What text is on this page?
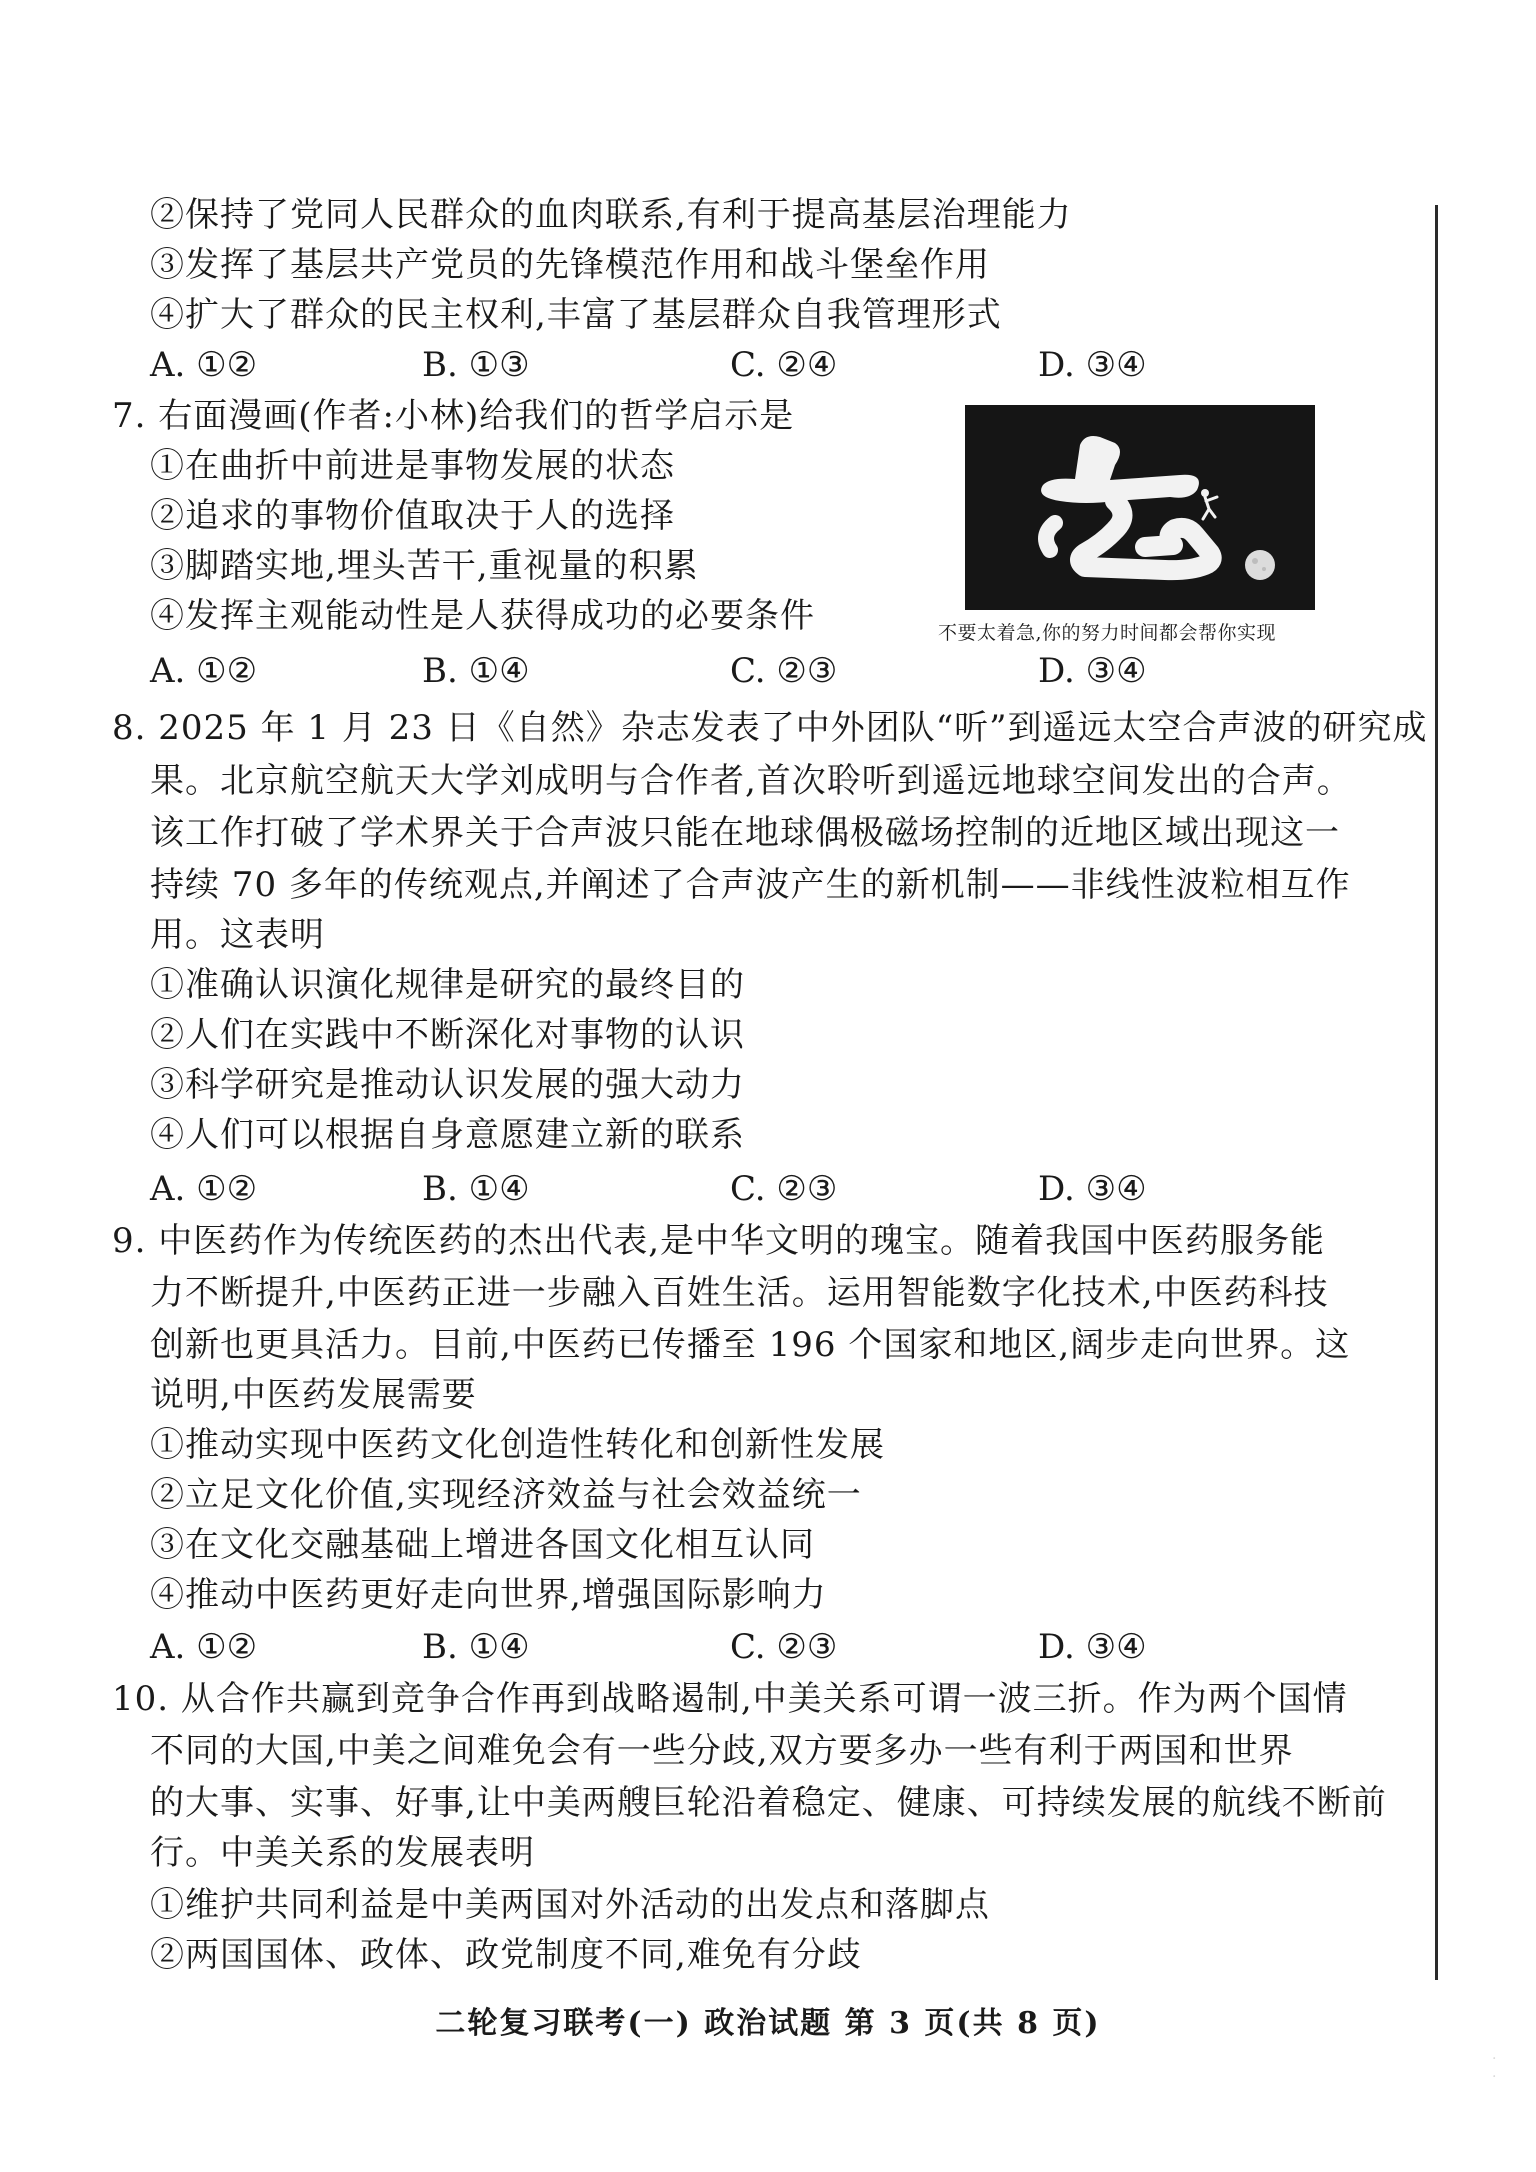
②保持了党同人民群众的血肉联系,有利于提高基层治理能力
③发挥了基层共产党员的先锋模范作用和战斗堡垒作用
④扩大了群众的民主权利,丰富了基层群众自我管理形式
A. ①②	B. ①③	C. ②④	D. ③④
7. 右面漫画(作者:小林)给我们的哲学启示是
①在曲折中前进是事物发展的状态
②追求的事物价值取决于人的选择
③脚踏实地,埋头苦干,重视量的积累
④发挥主观能动性是人获得成功的必要条件
A. ①②	B. ①④	C. ②③	D. ③④
不要太着急,你的努力时间都会帮你实现
8. 2025 年 1 月 23 日《自然》杂志发表了中外团队“听”到遥远太空合声波的研究成
果。北京航空航天大学刘成明与合作者,首次聆听到遥远地球空间发出的合声。
该工作打破了学术界关于合声波只能在地球偶极磁场控制的近地区域出现这一
持续 70 多年的传统观点,并阐述了合声波产生的新机制——非线性波粒相互作
用。这表明
①准确认识演化规律是研究的最终目的
②人们在实践中不断深化对事物的认识
③科学研究是推动认识发展的强大动力
④人们可以根据自身意愿建立新的联系
A. ①②	B. ①④	C. ②③	D. ③④
9. 中医药作为传统医药的杰出代表,是中华文明的瑰宝。随着我国中医药服务能
力不断提升,中医药正进一步融入百姓生活。运用智能数字化技术,中医药科技
创新也更具活力。目前,中医药已传播至 196 个国家和地区,阔步走向世界。这
说明,中医药发展需要
①推动实现中医药文化创造性转化和创新性发展
②立足文化价值,实现经济效益与社会效益统一
③在文化交融基础上增进各国文化相互认同
④推动中医药更好走向世界,增强国际影响力
A. ①②	B. ①④	C. ②③	D. ③④
10. 从合作共赢到竞争合作再到战略遏制,中美关系可谓一波三折。作为两个国情
不同的大国,中美之间难免会有一些分歧,双方要多办一些有利于两国和世界
的大事、实事、好事,让中美两艘巨轮沿着稳定、健康、可持续发展的航线不断前
行。中美关系的发展表明
①维护共同利益是中美两国对外活动的出发点和落脚点
②两国国体、政体、政党制度不同,难免有分歧
二轮复习联考(一) 政治试题 第 3 页(共 8 页)
·
·
